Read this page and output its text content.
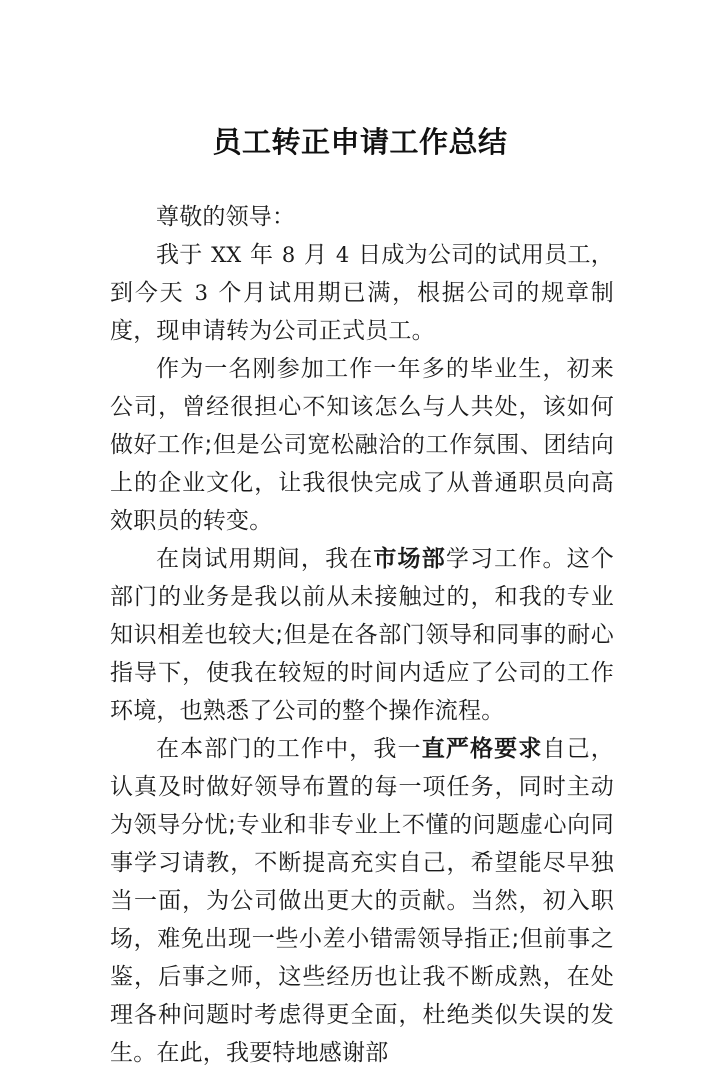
员工转正申请工作总结

尊敬的领导：

我于 XX 年 8 月 4 日成为公司的试用员工，到今天 3 个月试用期已满，根据公司的规章制度，现申请转为公司正式员工。

作为一名刚参加工作一年多的毕业生，初来公司，曾经很担心不知该怎么与人共处，该如何做好工作;但是公司宽松融洽的工作氛围、团结向上的企业文化，让我很快完成了从普通职员向高效职员的转变。

在岗试用期间，我在市场部学习工作。这个部门的业务是我以前从未接触过的，和我的专业知识相差也较大;但是在各部门领导和同事的耐心指导下，使我在较短的时间内适应了公司的工作环境，也熟悉了公司的整个操作流程。

在本部门的工作中，我一直严格要求自己，认真及时做好领导布置的每一项任务，同时主动为领导分忧;专业和非专业上不懂的问题虚心向同事学习请教，不断提高充实自己，希望能尽早独当一面，为公司做出更大的贡献。当然，初入职场，难免出现一些小差小错需领导指正;但前事之鉴，后事之师，这些经历也让我不断成熟，在处理各种问题时考虑得更全面，杜绝类似失误的发生。在此，我要特地感谢部
